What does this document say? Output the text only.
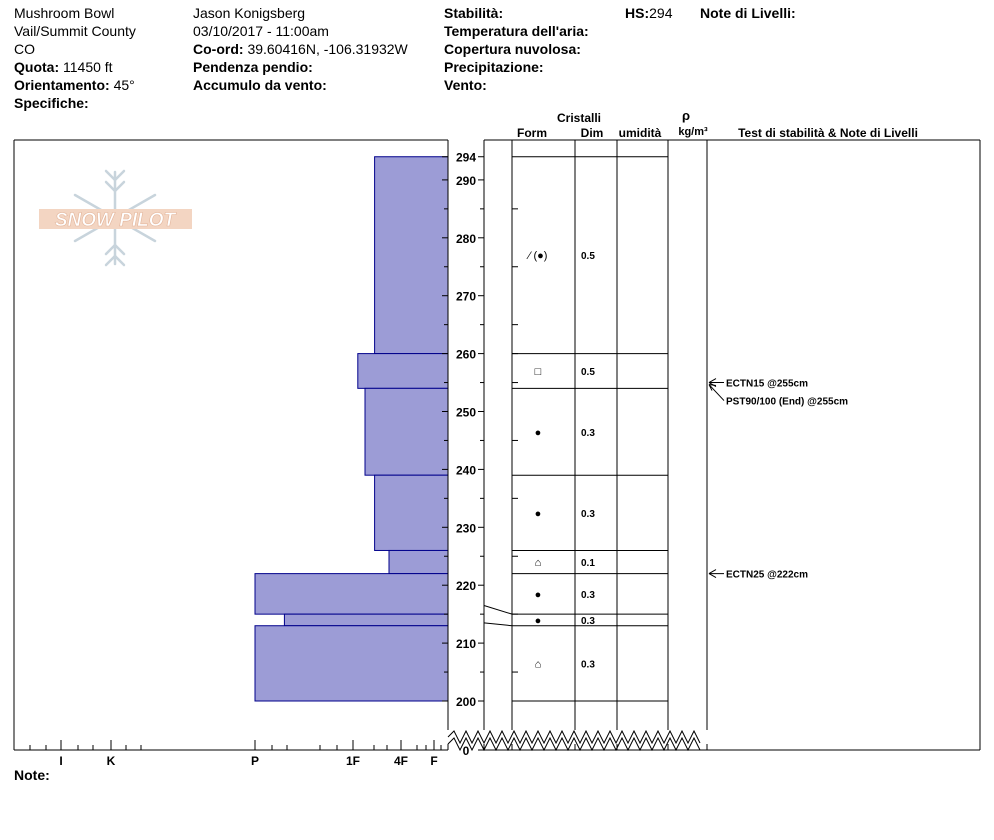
Mushroom Bowl
Vail/Summit County
CO
Quota: 11450 ft
Orientamento: 45°
Specifiche:
Jason Konigsberg
03/10/2017 - 11:00am
Co-ord: 39.60416N, -106.31932W
Pendenza pendio:
Accumulo da vento:
Stabilità:
Temperatura dell'aria:
Copertura nuvolosa:
Precipitazione:
Vento:
HS:294 Note di Livelli:
Note:
SNOW PILOT
I	K	P	1F	4F F
0
200
210
220
230
240
250
260
270
280
290
294
⁄ (●)	0.5
□	0.5
●	0.3
●	0.3
⌂	0.1
●	0.3
●	0.3
⌂	0.3
ECTN15 @255cm
PST90/100 (End) @255cm
ECTN25 @222cm
Cristalli
Form	Dim umidità
ρ
kg/m³	Test di stabilità & Note di Livelli
